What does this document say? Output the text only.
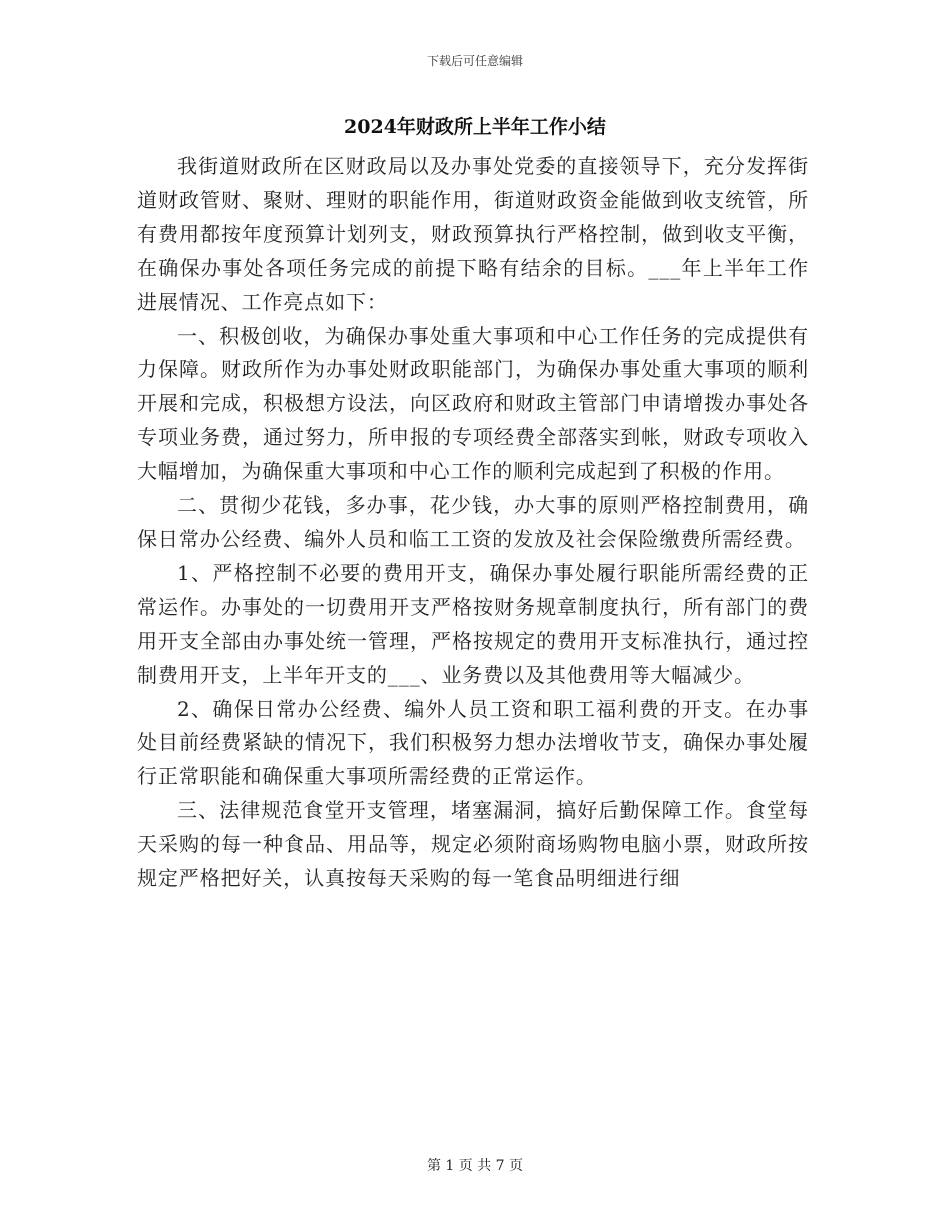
下载后可任意编辑
2024年财政所上半年工作小结

我街道财政所在区财政局以及办事处党委的直接领导下，充分发挥街道财政管财、聚财、理财的职能作用，街道财政资金能做到收支统管，所有费用都按年度预算计划列支，财政预算执行严格控制，做到收支平衡，在确保办事处各项任务完成的前提下略有结余的目标。___年上半年工作进展情况、工作亮点如下：

一、积极创收，为确保办事处重大事项和中心工作任务的完成提供有力保障。财政所作为办事处财政职能部门，为确保办事处重大事项的顺利开展和完成，积极想方设法，向区政府和财政主管部门申请增拨办事处各专项业务费，通过努力，所申报的专项经费全部落实到帐，财政专项收入大幅增加，为确保重大事项和中心工作的顺利完成起到了积极的作用。

二、贯彻少花钱，多办事，花少钱，办大事的原则严格控制费用，确保日常办公经费、编外人员和临工工资的发放及社会保险缴费所需经费。

1、严格控制不必要的费用开支，确保办事处履行职能所需经费的正常运作。办事处的一切费用开支严格按财务规章制度执行，所有部门的费用开支全部由办事处统一管理，严格按规定的费用开支标准执行，通过控制费用开支，上半年开支的___、业务费以及其他费用等大幅减少。

2、确保日常办公经费、编外人员工资和职工福利费的开支。在办事处目前经费紧缺的情况下，我们积极努力想办法增收节支，确保办事处履行正常职能和确保重大事项所需经费的正常运作。

三、法律规范食堂开支管理，堵塞漏洞，搞好后勤保障工作。食堂每天采购的每一种食品、用品等，规定必须附商场购物电脑小票，财政所按规定严格把好关，认真按每天采购的每一笔食品明细进行细

第 1 页 共 7 页
